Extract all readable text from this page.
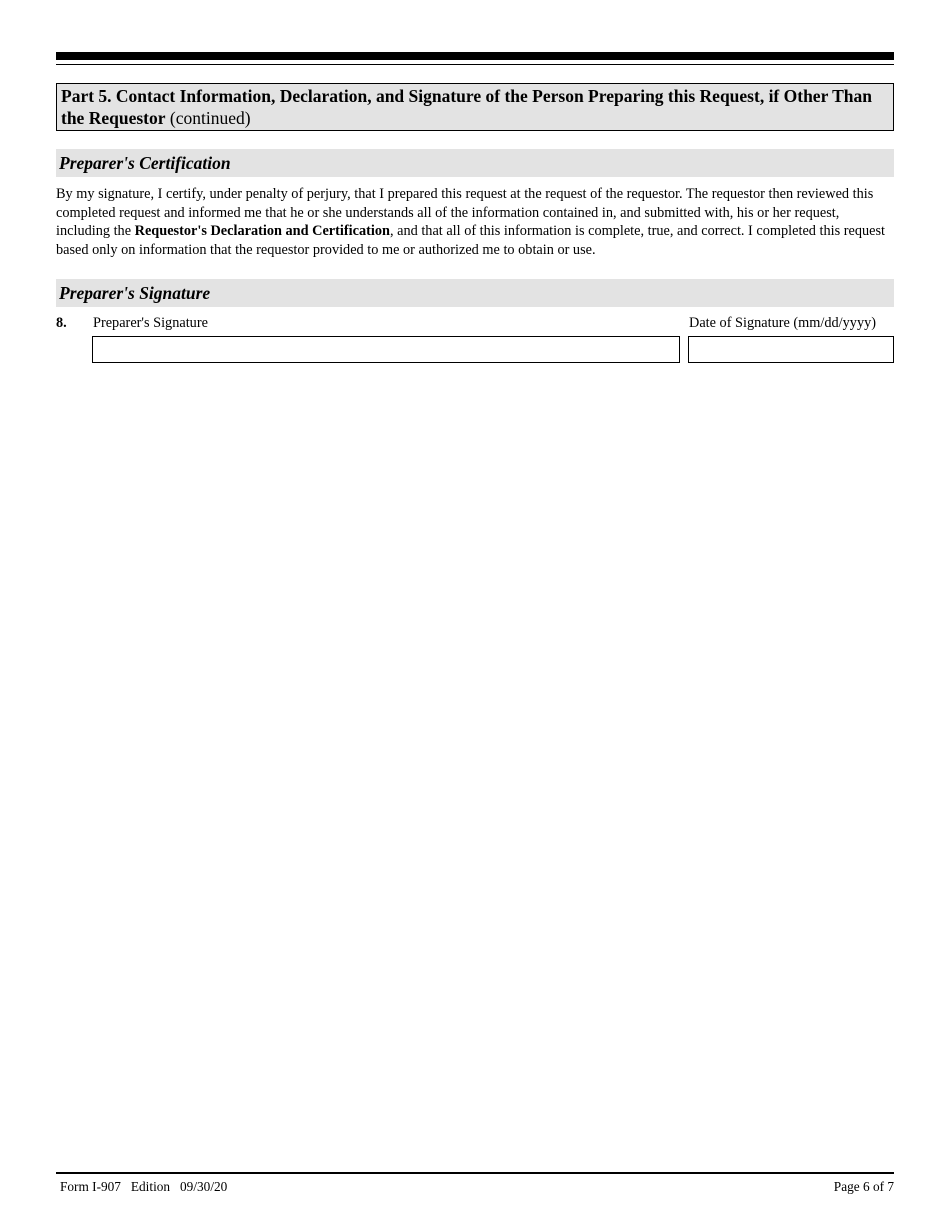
Part 5. Contact Information, Declaration, and Signature of the Person Preparing this Request, if Other Than the Requestor (continued)
Preparer's Certification

By my signature, I certify, under penalty of perjury, that I prepared this request at the request of the requestor. The requestor then reviewed this completed request and informed me that he or she understands all of the information contained in, and submitted with, his or her request, including the Requestor's Declaration and Certification, and that all of this information is complete, true, and correct. I completed this request based only on information that the requestor provided to me or authorized me to obtain or use.

Preparer's Signature
8. Preparer's Signature	Date of Signature (mm/dd/yyyy)
Form I-907   Edition   09/30/20	Page 6 of 7
